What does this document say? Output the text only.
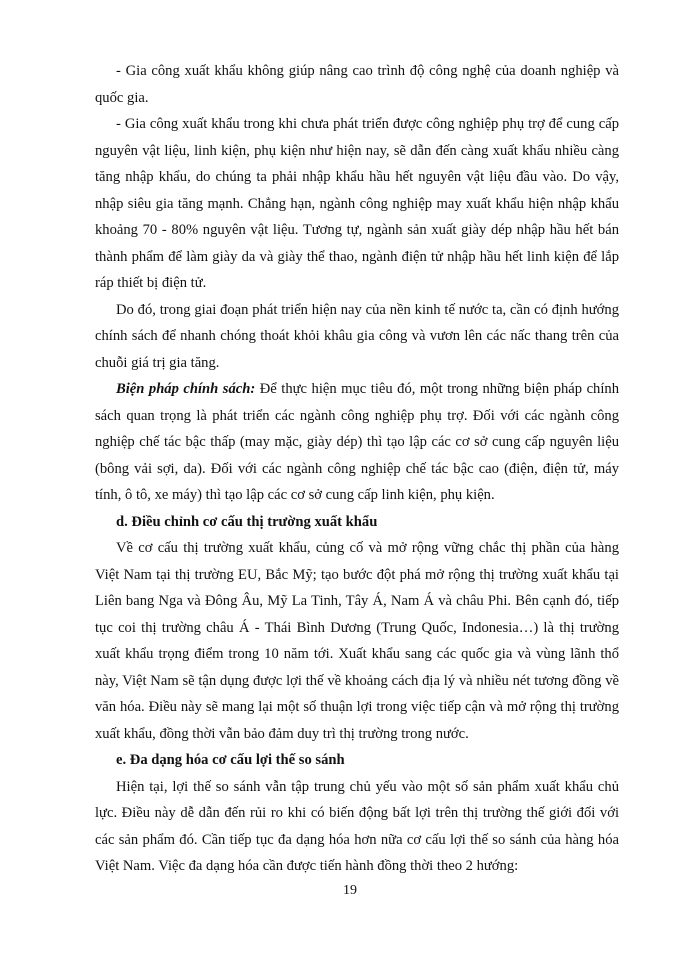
- Gia công xuất khẩu không giúp nâng cao trình độ công nghệ của doanh nghiệp và quốc gia.

- Gia công xuất khẩu trong khi chưa phát triển được công nghiệp phụ trợ để cung cấp nguyên vật liệu, linh kiện, phụ kiện như hiện nay, sẽ dẫn đến càng xuất khẩu nhiều càng tăng nhập khẩu, do chúng ta phải nhập khẩu hầu hết nguyên vật liệu đầu vào. Do vậy, nhập siêu gia tăng mạnh. Chẳng hạn, ngành công nghiệp may xuất khẩu hiện nhập khẩu khoảng 70 - 80% nguyên vật liệu. Tương tự, ngành sản xuất giày dép nhập hầu hết bán thành phẩm để làm giày da và giày thể thao, ngành điện tử nhập hầu hết linh kiện để lắp ráp thiết bị điện tử.

Do đó, trong giai đoạn phát triển hiện nay của nền kinh tế nước ta, cần có định hướng chính sách để nhanh chóng thoát khỏi khâu gia công và vươn lên các nấc thang trên của chuỗi giá trị gia tăng.

Biện pháp chính sách: Để thực hiện mục tiêu đó, một trong những biện pháp chính sách quan trọng là phát triển các ngành công nghiệp phụ trợ. Đối với các ngành công nghiệp chế tác bậc thấp (may mặc, giày dép) thì tạo lập các cơ sở cung cấp nguyên liệu (bông vải sợi, da). Đối với các ngành công nghiệp chế tác bậc cao (điện, điện tử, máy tính, ô tô, xe máy) thì tạo lập các cơ sở cung cấp linh kiện, phụ kiện.

d. Điều chỉnh cơ cấu thị trường xuất khẩu

Về cơ cấu thị trường xuất khẩu, củng cố và mở rộng vững chắc thị phần của hàng Việt Nam tại thị trường EU, Bắc Mỹ; tạo bước đột phá mở rộng thị trường xuất khẩu tại Liên bang Nga và Đông Âu, Mỹ La Tinh, Tây Á, Nam Á và châu Phi. Bên cạnh đó, tiếp tục coi thị trường châu Á - Thái Bình Dương (Trung Quốc, Indonesia…) là thị trường xuất khẩu trọng điểm trong 10 năm tới. Xuất khẩu sang các quốc gia và vùng lãnh thổ này, Việt Nam sẽ tận dụng được lợi thế về khoảng cách địa lý và nhiều nét tương đồng về văn hóa. Điều này sẽ mang lại một số thuận lợi trong việc tiếp cận và mở rộng thị trường xuất khẩu, đồng thời vẫn bảo đảm duy trì thị trường trong nước.

e. Đa dạng hóa cơ cấu lợi thế so sánh

Hiện tại, lợi thế so sánh vẫn tập trung chủ yếu vào một số sản phẩm xuất khẩu chủ lực. Điều này dễ dẫn đến rủi ro khi có biến động bất lợi trên thị trường thế giới đối với các sản phẩm đó. Cần tiếp tục đa dạng hóa hơn nữa cơ cấu lợi thế so sánh của hàng hóa Việt Nam. Việc đa dạng hóa cần được tiến hành đồng thời theo 2 hướng:

19
